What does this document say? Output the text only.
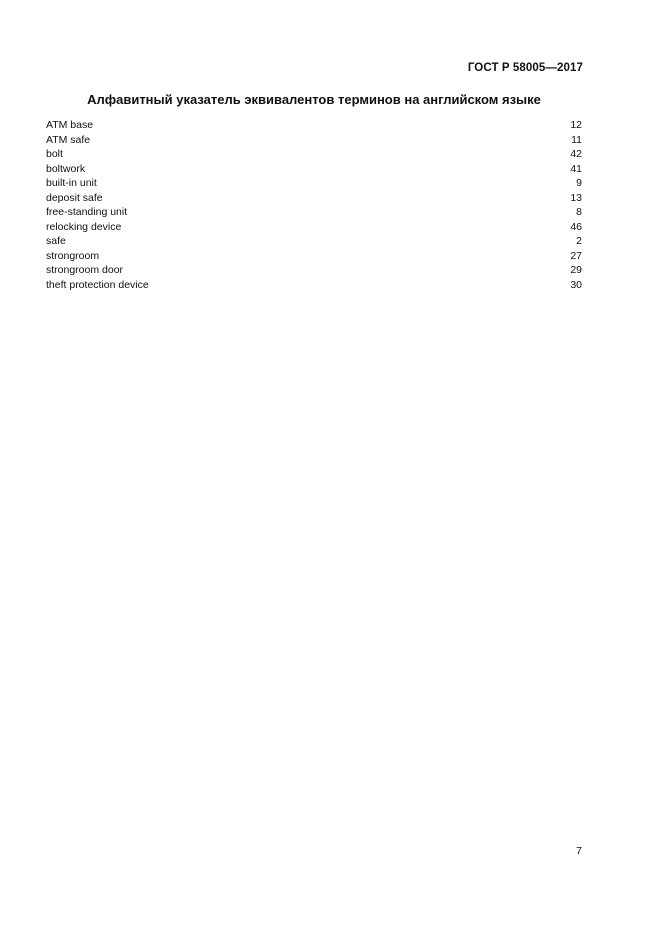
ГОСТ Р 58005—2017
Алфавитный указатель эквивалентов терминов на английском языке
ATM base	12
ATM safe	11
bolt	42
boltwork	41
built-in unit	9
deposit safe	13
free-standing unit	8
relocking device	46
safe	2
strongroom	27
strongroom door	29
theft protection device	30
7
